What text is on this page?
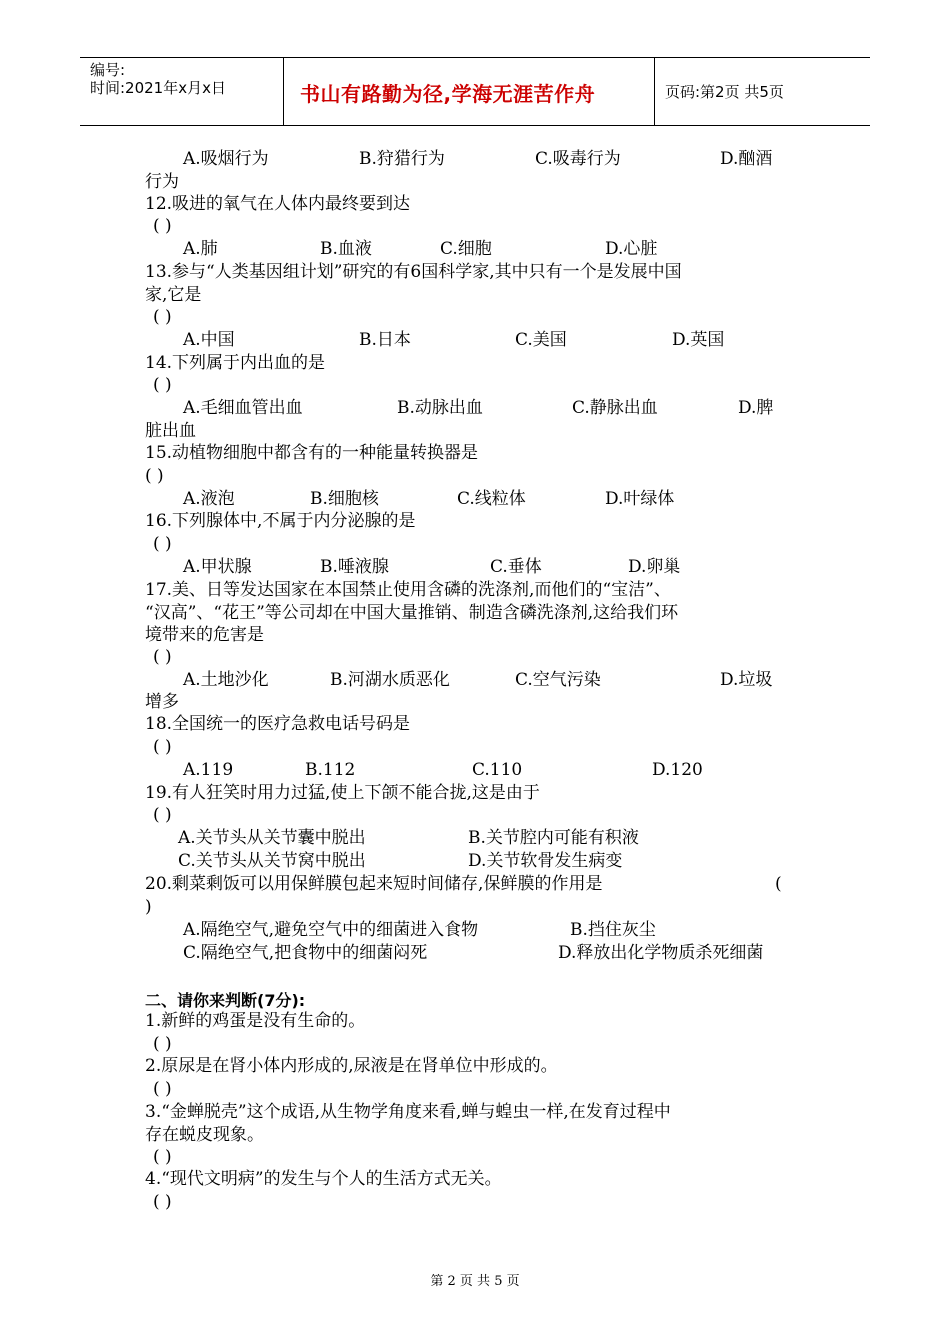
编号:
时间:2021年x月x日	书山有路勤为径,学海无涯苦作舟	页码:第2页 共5页
A.吸烟行为	B.狩猎行为	C.吸毒行为	D.酗酒
行为
12.吸进的氧气在人体内最终要到达
( )
A.肺	B.血液	C.细胞	D.心脏
13.参与“人类基因组计划”研究的有6国科学家,其中只有一个是发展中国
家,它是
( )
A.中国	B.日本	C.美国	D.英国
14.下列属于内出血的是
( )
A.毛细血管出血	B.动脉出血	C.静脉出血	D.脾
脏出血
15.动植物细胞中都含有的一种能量转换器是
( )
A.液泡	B.细胞核	C.线粒体	D.叶绿体
16.下列腺体中,不属于内分泌腺的是
( )
A.甲状腺	B.唾液腺	C.垂体	D.卵巢
17.美、日等发达国家在本国禁止使用含磷的洗涤剂,而他们的“宝洁”、
“汉高”、“花王”等公司却在中国大量推销、制造含磷洗涤剂,这给我们环
境带来的危害是
( )
A.土地沙化	B.河湖水质恶化	C.空气污染	D.垃圾
增多
18.全国统一的医疗急救电话号码是
( )
A.119	B.112	C.110	D.120
19.有人狂笑时用力过猛,使上下颌不能合拢,这是由于
( )
A.关节头从关节囊中脱出	B.关节腔内可能有积液
C.关节头从关节窝中脱出	D.关节软骨发生病变
20.剩菜剩饭可以用保鲜膜包起来短时间储存,保鲜膜的作用是	(
)
A.隔绝空气,避免空气中的细菌进入食物	B.挡住灰尘
C.隔绝空气,把食物中的细菌闷死	D.释放出化学物质杀死细菌
二、请你来判断(7分):
1.新鲜的鸡蛋是没有生命的。
( )
2.原尿是在肾小体内形成的,尿液是在肾单位中形成的。
( )
3.“金蝉脱壳”这个成语,从生物学角度来看,蝉与蝗虫一样,在发育过程中
存在蜕皮现象。
( )
4.“现代文明病”的发生与个人的生活方式无关。
( )
第 2 页 共 5 页
